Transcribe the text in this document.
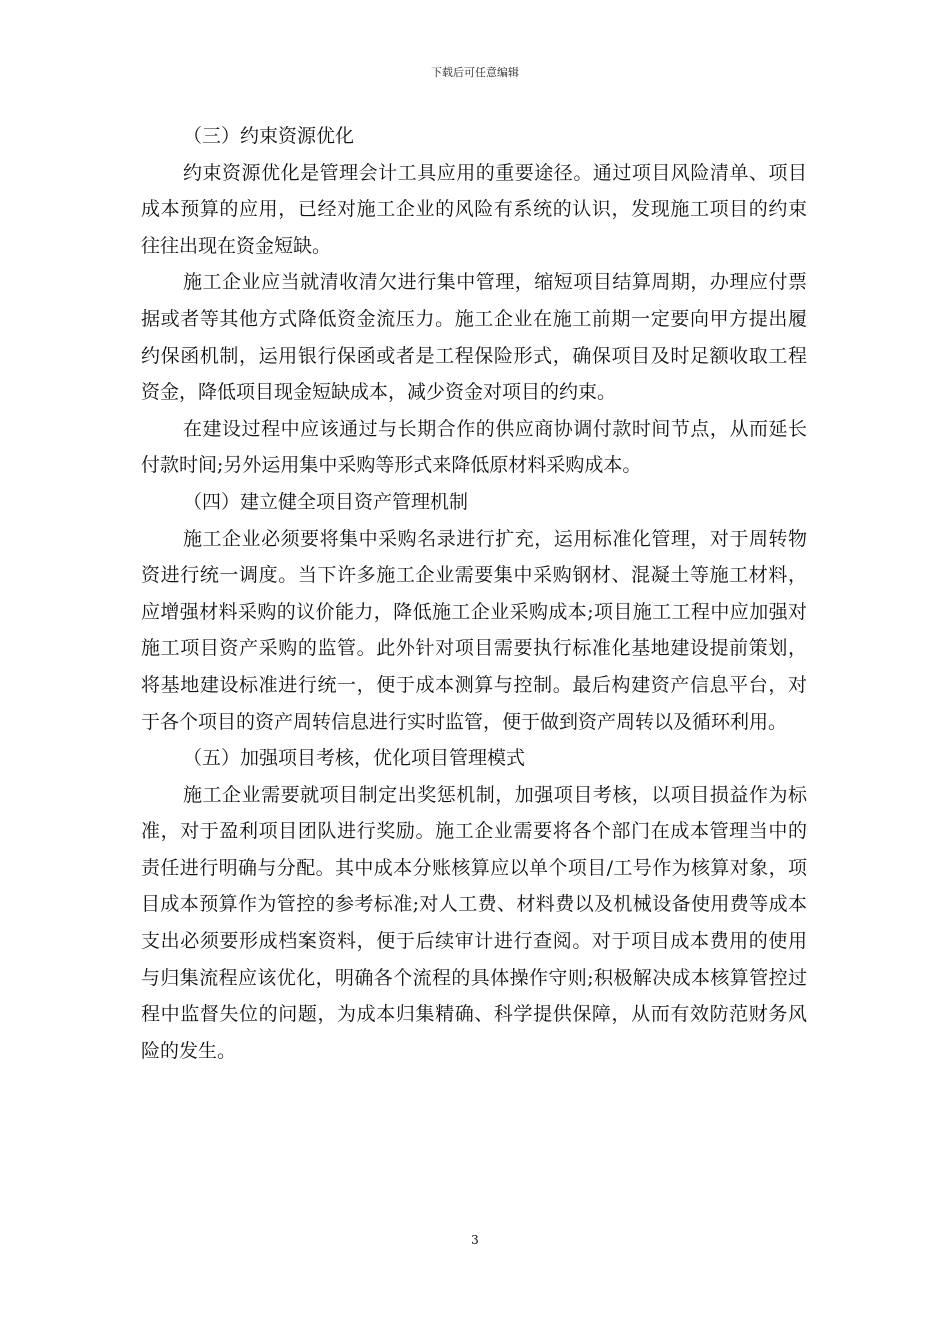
下载后可任意编辑
（三）约束资源优化
约束资源优化是管理会计工具应用的重要途径。通过项目风险清单、项目
成本预算的应用，已经对施工企业的风险有系统的认识，发现施工项目的约束
往往出现在资金短缺。
施工企业应当就清收清欠进行集中管理，缩短项目结算周期，办理应付票
据或者等其他方式降低资金流压力。施工企业在施工前期一定要向甲方提出履
约保函机制，运用银行保函或者是工程保险形式，确保项目及时足额收取工程
资金，降低项目现金短缺成本，减少资金对项目的约束。
在建设过程中应该通过与长期合作的供应商协调付款时间节点，从而延长
付款时间;另外运用集中采购等形式来降低原材料采购成本。
（四）建立健全项目资产管理机制
施工企业必须要将集中采购名录进行扩充，运用标准化管理，对于周转物
资进行统一调度。当下许多施工企业需要集中采购钢材、混凝土等施工材料，
应增强材料采购的议价能力，降低施工企业采购成本;项目施工工程中应加强对
施工项目资产采购的监管。此外针对项目需要执行标准化基地建设提前策划，
将基地建设标准进行统一，便于成本测算与控制。最后构建资产信息平台，对
于各个项目的资产周转信息进行实时监管，便于做到资产周转以及循环利用。
（五）加强项目考核，优化项目管理模式
施工企业需要就项目制定出奖惩机制，加强项目考核，以项目损益作为标
准，对于盈利项目团队进行奖励。施工企业需要将各个部门在成本管理当中的
责任进行明确与分配。其中成本分账核算应以单个项目/工号作为核算对象，项
目成本预算作为管控的参考标准;对人工费、材料费以及机械设备使用费等成本
支出必须要形成档案资料，便于后续审计进行查阅。对于项目成本费用的使用
与归集流程应该优化，明确各个流程的具体操作守则;积极解决成本核算管控过
程中监督失位的问题，为成本归集精确、科学提供保障，从而有效防范财务风
险的发生。
3
